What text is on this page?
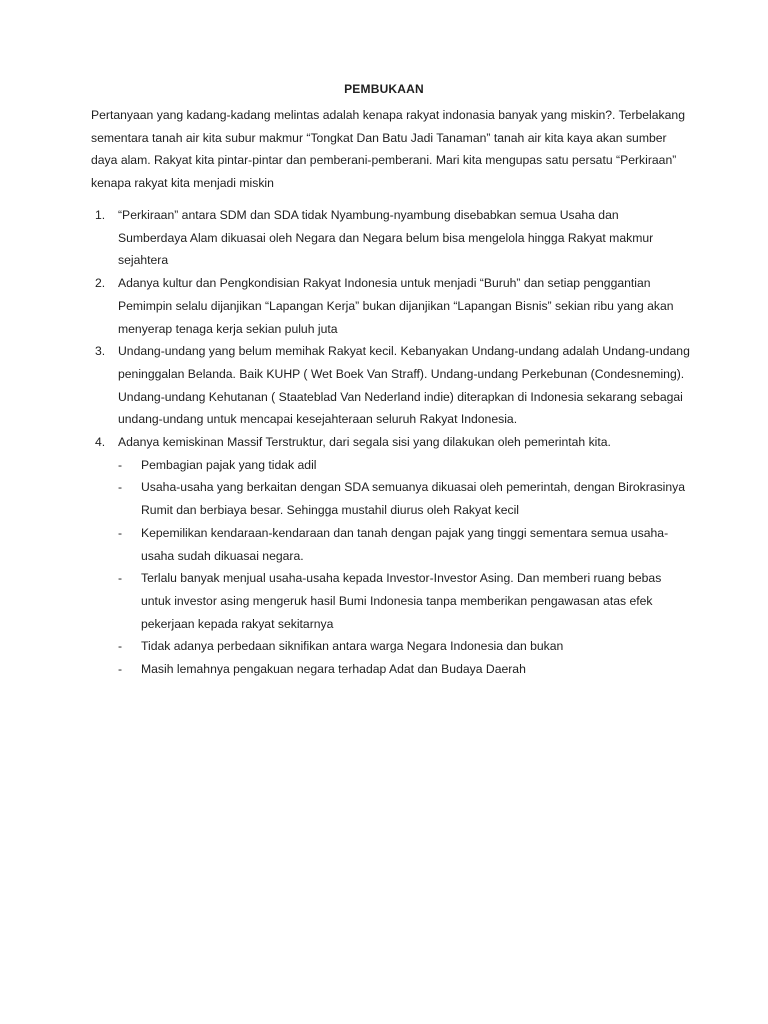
PEMBUKAAN

Pertanyaan yang kadang-kadang melintas adalah kenapa rakyat indonasia banyak yang miskin?. Terbelakang sementara tanah air kita subur makmur “Tongkat Dan Batu Jadi Tanaman” tanah air kita kaya akan sumber daya alam. Rakyat kita pintar-pintar dan pemberani-pemberani. Mari kita mengupas satu persatu “Perkiraan” kenapa rakyat kita menjadi miskin

1. “Perkiraan” antara SDM dan SDA tidak Nyambung-nyambung disebabkan semua Usaha dan Sumberdaya Alam dikuasai oleh Negara dan Negara belum bisa mengelola hingga Rakyat makmur sejahtera
2. Adanya kultur dan Pengkondisian Rakyat Indonesia untuk menjadi “Buruh” dan setiap penggantian Pemimpin selalu dijanjikan “Lapangan Kerja” bukan dijanjikan “Lapangan Bisnis” sekian ribu yang akan menyerap tenaga kerja sekian puluh juta
3. Undang-undang yang belum memihak Rakyat kecil. Kebanyakan Undang-undang adalah Undang-undang peninggalan Belanda. Baik KUHP ( Wet Boek Van Straff). Undang-undang Perkebunan (Condesneming). Undang-undang Kehutanan ( Staateblad Van Nederland indie) diterapkan di Indonesia sekarang sebagai undang-undang untuk mencapai kesejahteraan seluruh Rakyat Indonesia.
4. Adanya kemiskinan Massif Terstruktur, dari segala sisi yang dilakukan oleh pemerintah kita.
- Pembagian pajak yang tidak adil
- Usaha-usaha yang berkaitan dengan SDA semuanya dikuasai oleh pemerintah, dengan Birokrasinya Rumit dan berbiaya besar. Sehingga mustahil diurus oleh Rakyat kecil
- Kepemilikan kendaraan-kendaraan dan tanah dengan pajak yang tinggi sementara semua usaha-usaha sudah dikuasai negara.
- Terlalu banyak menjual usaha-usaha kepada Investor-Investor Asing. Dan memberi ruang bebas untuk investor asing mengeruk hasil Bumi Indonesia tanpa memberikan pengawasan atas efek pekerjaan kepada rakyat sekitarnya
- Tidak adanya perbedaan siknifikan antara warga Negara Indonesia dan bukan
- Masih lemahnya pengakuan negara terhadap Adat dan Budaya Daerah
